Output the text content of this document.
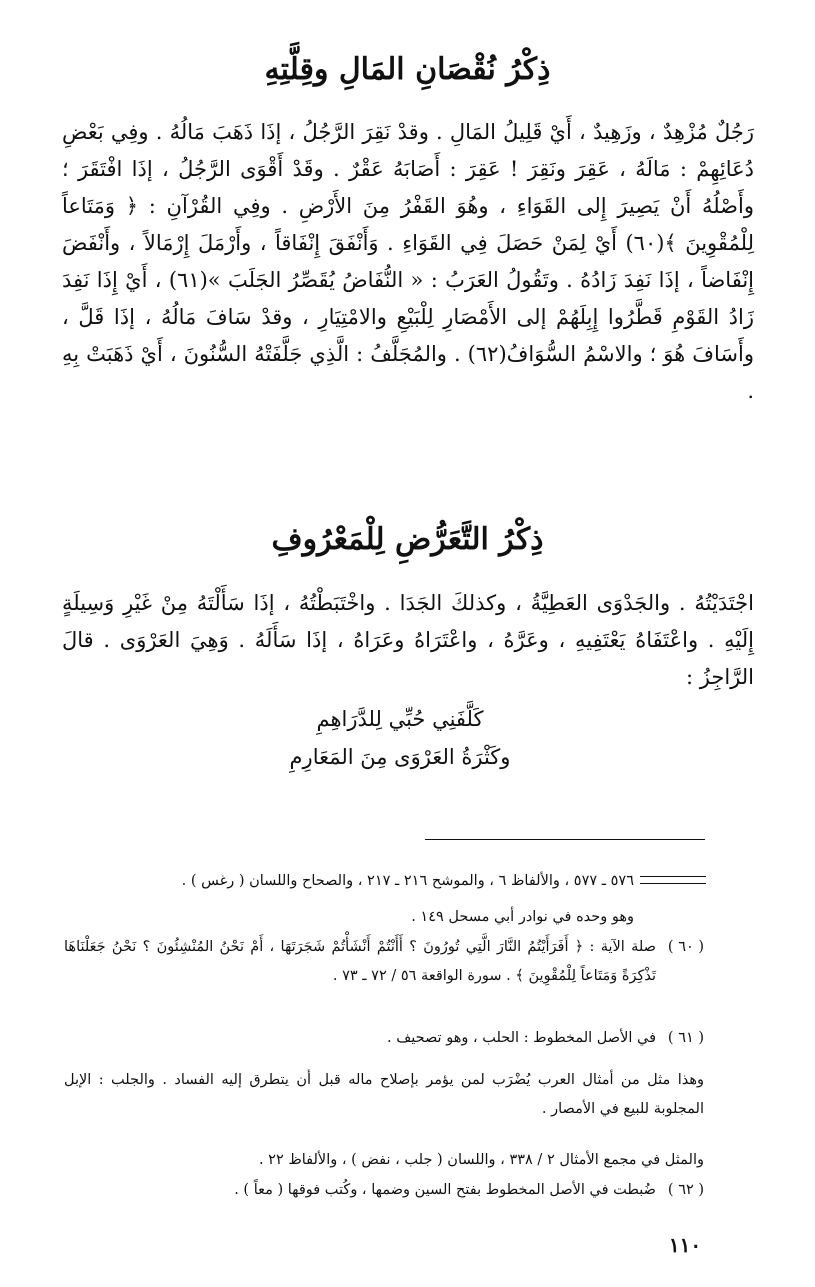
ذِكْرُ نُقْصَانِ المَالِ وقِلَّتِهِ

رَجُلٌ مُزْهِدٌ ، وزَهِيدٌ ، أَيْ قَلِيلُ المَالِ . وقدْ نَقِرَ الرَّجُلُ ، إذَا ذَهَبَ مَالُهُ . وفِي بَعْضِ دُعَائِهِمْ : مَالَهُ ، عَقِرَ ونَقِرَ ! عَقِرَ : أَصَابَهُ عَقْرٌ . وقَدْ أَقْوَى الرَّجُلُ ، إذَا افْتَقَرَ ؛ وأَصْلُهُ أَنْ يَصِيرَ إِلى القَوَاءِ ، وهُوَ القَفْرُ مِنَ الأَرْضِ . وفِي القُرْآنِ : ﴿ وَمَتَاعاً لِلْمُقْوِينَ ﴾(٦٠) أَيْ لِمَنْ حَصَلَ فِي القَوَاءِ . وَأَنْفَقَ إِنْفَاقاً ، وأَرْمَلَ إِرْمَالاً ، وأَنْفَضَ إِنْفَاضاً ، إذَا نَفِدَ زَادُهُ . وتَقُولُ العَرَبُ : « النُّفَاضُ يُقَصِّرُ الجَلَبَ »(٦١) ، أَيْ إِذَا نَفِدَ زَادُ القَوْمِ قَطَّرُوا إِبِلَهُمْ إلى الأَمْصَارِ لِلْبَيْعِ والامْتِيَارِ ، وقدْ سَافَ مَالُهُ ، إذَا قَلَّ ، وأَسَافَ هُوَ ؛ والاسْمُ السُّوَافُ(٦٢) . والمُجَلَّفُ : الَّذِي جَلَّفَتْهُ السُّنُونَ ، أَيْ ذَهَبَتْ بِهِ .

ذِكْرُ التَّعَرُّضِ لِلْمَعْرُوفِ

اجْتَدَيْتُهُ . والجَدْوَى العَطِيَّةُ ، وكذلكَ الجَدَا . واخْتَبَطْتُهُ ، إذَا سَأَلْتَهُ مِنْ غَيْرِ وَسِيلَةٍ إِلَيْهِ . واعْتَفَاهُ يَعْتَفِيهِ ، وعَرَّهُ ، واعْتَرَاهُ وعَرَاهُ ، إذَا سَأَلَهُ . وَهِيَ العَرْوَى . قالَ الرَّاجِزُ :

كَلَّفَنِي حُبِّي لِلدَّرَاهِمِ
وكَثْرَةُ العَرْوَى مِنَ المَعَارِمِ
٥٧٦ ـ ٥٧٧ ، والألفاظ ٦ ، والموشح ٢١٦ ـ ٢١٧ ، والصحاح واللسان ( رغس ) .
وهو وحده في نوادر أبي مسحل ١٤٩ .
( ٦٠ )

صلة الآية : ﴿ أَفَرَأَيْتُمُ النَّارَ الَّتِي تُورُونَ ؟ أَأَنْتُمْ أَنْشَأْتُمْ شَجَرَتَهَا ، أَمْ نَحْنُ المُنْشِئُونَ ؟ نَحْنُ جَعَلْنَاهَا تَذْكِرَةً وَمَتَاعاً لِلْمُقْوِينَ ﴾ . سورة الواقعة ٥٦ / ٧٢ ـ ٧٣ .

( ٦١ )

في الأصل المخطوط : الحلب ، وهو تصحيف .

وهذا مثل من أمثال العرب يُضْرَب لمن يؤمر بإصلاح ماله قبل أن يتطرق إليه الفساد . والجلب : الإبل المجلوبة للبيع في الأمصار .

والمثل في مجمع الأمثال ٢ / ٣٣٨ ، واللسان ( جلب ، نفض ) ، والألفاظ ٢٢ .

( ٦٢ )

ضُبطت في الأصل المخطوط بفتح السين وضمها ، وكُتب فوقها ( معاً ) .

١١٠
